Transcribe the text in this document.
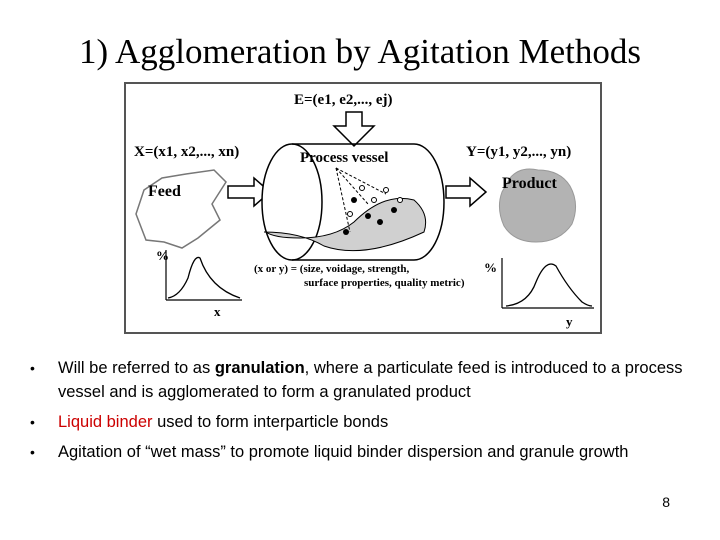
1) Agglomeration by Agitation Methods
E=(e1, e2,..., ej)
X=(x1, x2,..., xn)	Y=(y1, y2,..., yn)
Feed
Process vessel
Product
(x or y) = (size, voidage, strength,
surface properties, quality metric)
%
x
%
y
• Will be referred to as granulation, where a particulate feed is introduced to a process vessel and is agglomerated to form a granulated product
• Liquid binder used to form interparticle bonds
• Agitation of “wet mass” to promote liquid binder dispersion and granule growth
8
